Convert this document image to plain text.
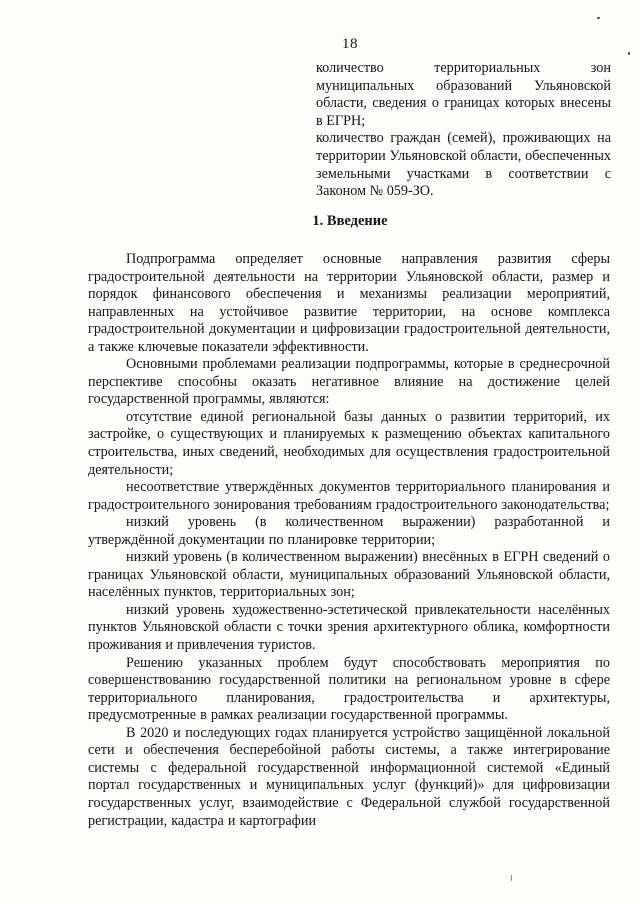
18

количество территориальных зон муниципальных образований Ульяновской области, сведения о границах которых внесены в ЕГРН;

количество граждан (семей), проживающих на территории Ульяновской области, обеспеченных земельными участками в соответствии с Законом № 059-ЗО.

1. Введение

Подпрограмма определяет основные направления развития сферы градостроительной деятельности на территории Ульяновской области, размер и порядок финансового обеспечения и механизмы реализации мероприятий, направленных на устойчивое развитие территории, на основе комплекса градостроительной документации и цифровизации градостроительной деятельности, а также ключевые показатели эффективности.

Основными проблемами реализации подпрограммы, которые в среднесрочной перспективе способны оказать негативное влияние на достижение целей государственной программы, являются:

отсутствие единой региональной базы данных о развитии территорий, их застройке, о существующих и планируемых к размещению объектах капитального строительства, иных сведений, необходимых для осуществления градостроительной деятельности;

несоответствие утверждённых документов территориального планирования и градостроительного зонирования требованиям градостроительного законодательства;

низкий уровень (в количественном выражении) разработанной и утверждённой документации по планировке территории;

низкий уровень (в количественном выражении) внесённых в ЕГРН сведений о границах Ульяновской области, муниципальных образований Ульяновской области, населённых пунктов, территориальных зон;

низкий уровень художественно-эстетической привлекательности населённых пунктов Ульяновской области с точки зрения архитектурного облика, комфортности проживания и привлечения туристов.

Решению указанных проблем будут способствовать мероприятия по совершенствованию государственной политики на региональном уровне в сфере территориального планирования, градостроительства и архитектуры, предусмотренные в рамках реализации государственной программы.

В 2020 и последующих годах планируется устройство защищённой локальной сети и обеспечения бесперебойной работы системы, а также интегрирование системы с федеральной государственной информационной системой «Единый портал государственных и муниципальных услуг (функций)» для цифровизации государственных услуг, взаимодействие с Федеральной службой государственной регистрации, кадастра и картографии
